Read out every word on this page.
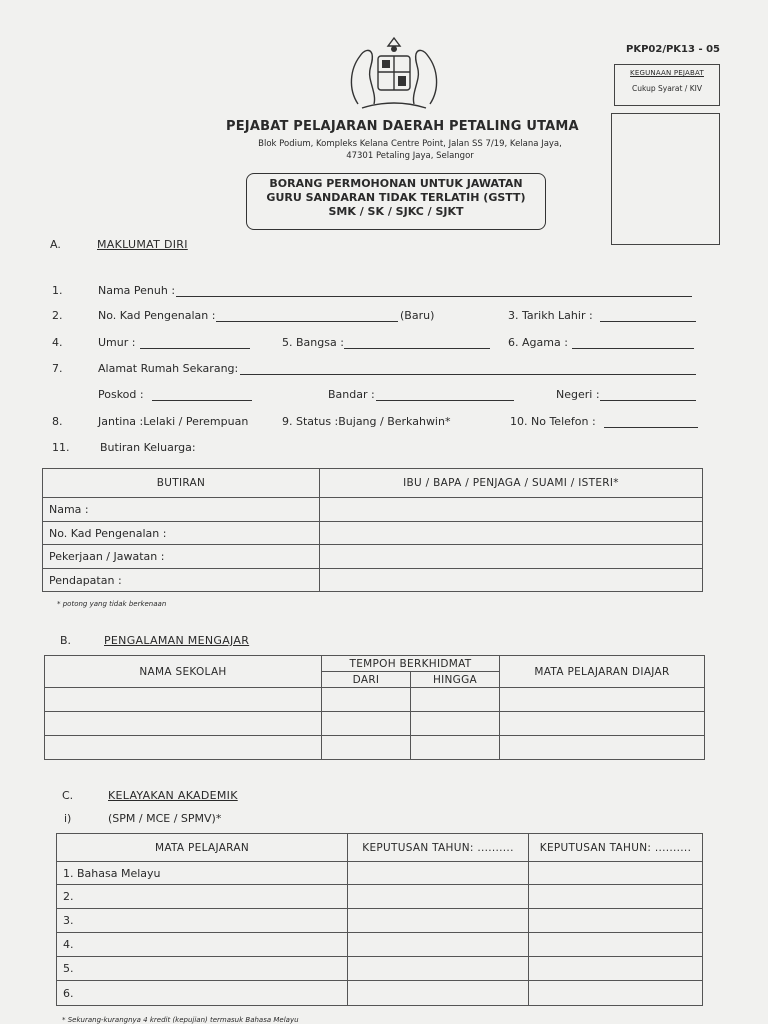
PKP02/PK13 - 05
KEGUNAAN PEJABAT
Cukup Syarat / KIV
PEJABAT PELAJARAN DAERAH PETALING UTAMA
Blok Podium, Kompleks Kelana Centre Point, Jalan SS 7/19, Kelana Jaya,
47301 Petaling Jaya, Selangor
BORANG PERMOHONAN UNTUK JAWATAN
GURU SANDARAN TIDAK TERLATIH (GSTT)
SMK / SK / SJKC / SJKT
A.	MAKLUMAT DIRI
1.	Nama Penuh :
2.	No. Kad Pengenalan :	(Baru)	3. Tarikh Lahir :
4.	Umur :	5. Bangsa :	6. Agama :
7.	Alamat Rumah Sekarang:
Poskod :	Bandar :	Negeri :
8.	Jantina :Lelaki / Perempuan	9. Status :Bujang / Berkahwin*	10. No Telefon :
11.	Butiran Keluarga:
BUTIRAN	IBU / BAPA / PENJAGA / SUAMI / ISTERI*
Nama :	
No. Kad Pengenalan :	
Pekerjaan / Jawatan :	
Pendapatan :	
* potong yang tidak berkenaan
B.	PENGALAMAN MENGAJAR
NAMA SEKOLAH	TEMPOH BERKHIDMAT		MATA PELAJARAN DIAJAR
	DARI	HINGGA	

C.	KELAYAKAN AKADEMIK
i)	(SPM / MCE / SPMV)*
MATA PELAJARAN	KEPUTUSAN TAHUN: ..........	KEPUTUSAN TAHUN: ..........
1. Bahasa Melayu		
2.		
3.		
4.		
5.		
6.		
* Sekurang-kurangnya 4 kredit (kepujian) termasuk Bahasa Melayu
